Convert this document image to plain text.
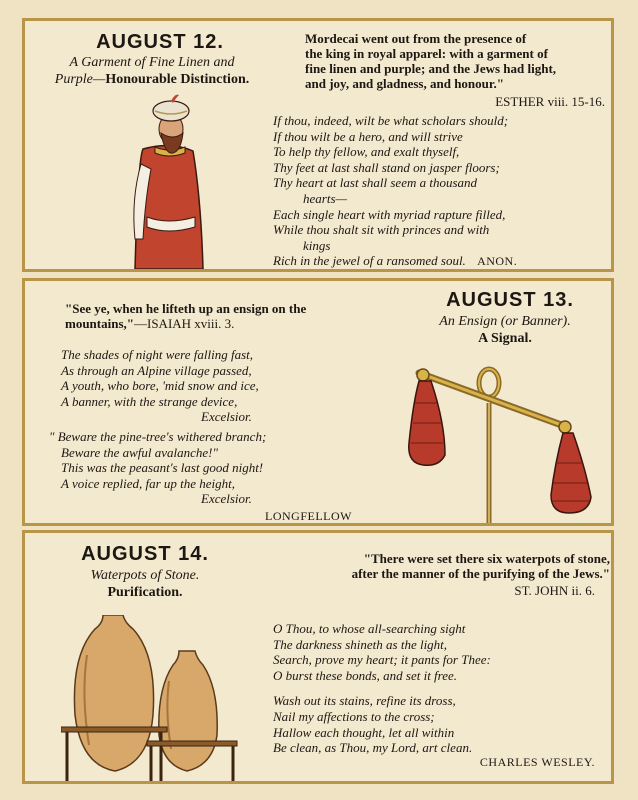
AUGUST 12.
A Garment of Fine Linen and
Purple—Honourable Distinction.
Mordecai went out from the presence of
the king in royal apparel: with a garment of
fine linen and purple; and the Jews had light,
and joy, and gladness, and honour."
ESTHER viii. 15-16.
If thou, indeed, wilt be what scholars should;
If thou wilt be a hero, and will strive
To help thy fellow, and exalt thyself,
Thy feet at last shall stand on jasper floors;
Thy heart at last shall seem a thousand
hearts—
Each single heart with myriad rapture filled,
While thou shalt sit with princes and with
kings
Rich in the jewel of a ransomed soul. ANON.
"See ye, when he lifteth up an ensign on the
mountains,"—ISAIAH xviii. 3.
AUGUST 13.
An Ensign (or Banner).
A Signal.
The shades of night were falling fast,
As through an Alpine village passed,
A youth, who bore, 'mid snow and ice,
A banner, with the strange device,
Excelsior.
" Beware the pine-tree's withered branch;
Beware the awful avalanche!"
This was the peasant's last good night!
A voice replied, far up the height,
Excelsior.
LONGFELLOW
AUGUST 14.
Waterpots of Stone.
Purification.
"There were set there six waterpots of stone,
after the manner of the purifying of the Jews."
ST. JOHN ii. 6.
O Thou, to whose all-searching sight
The darkness shineth as the light,
Search, prove my heart; it pants for Thee:
O burst these bonds, and set it free.
Wash out its stains, refine its dross,
Nail my affections to the cross;
Hallow each thought, let all within
Be clean, as Thou, my Lord, art clean.
CHARLES WESLEY.
